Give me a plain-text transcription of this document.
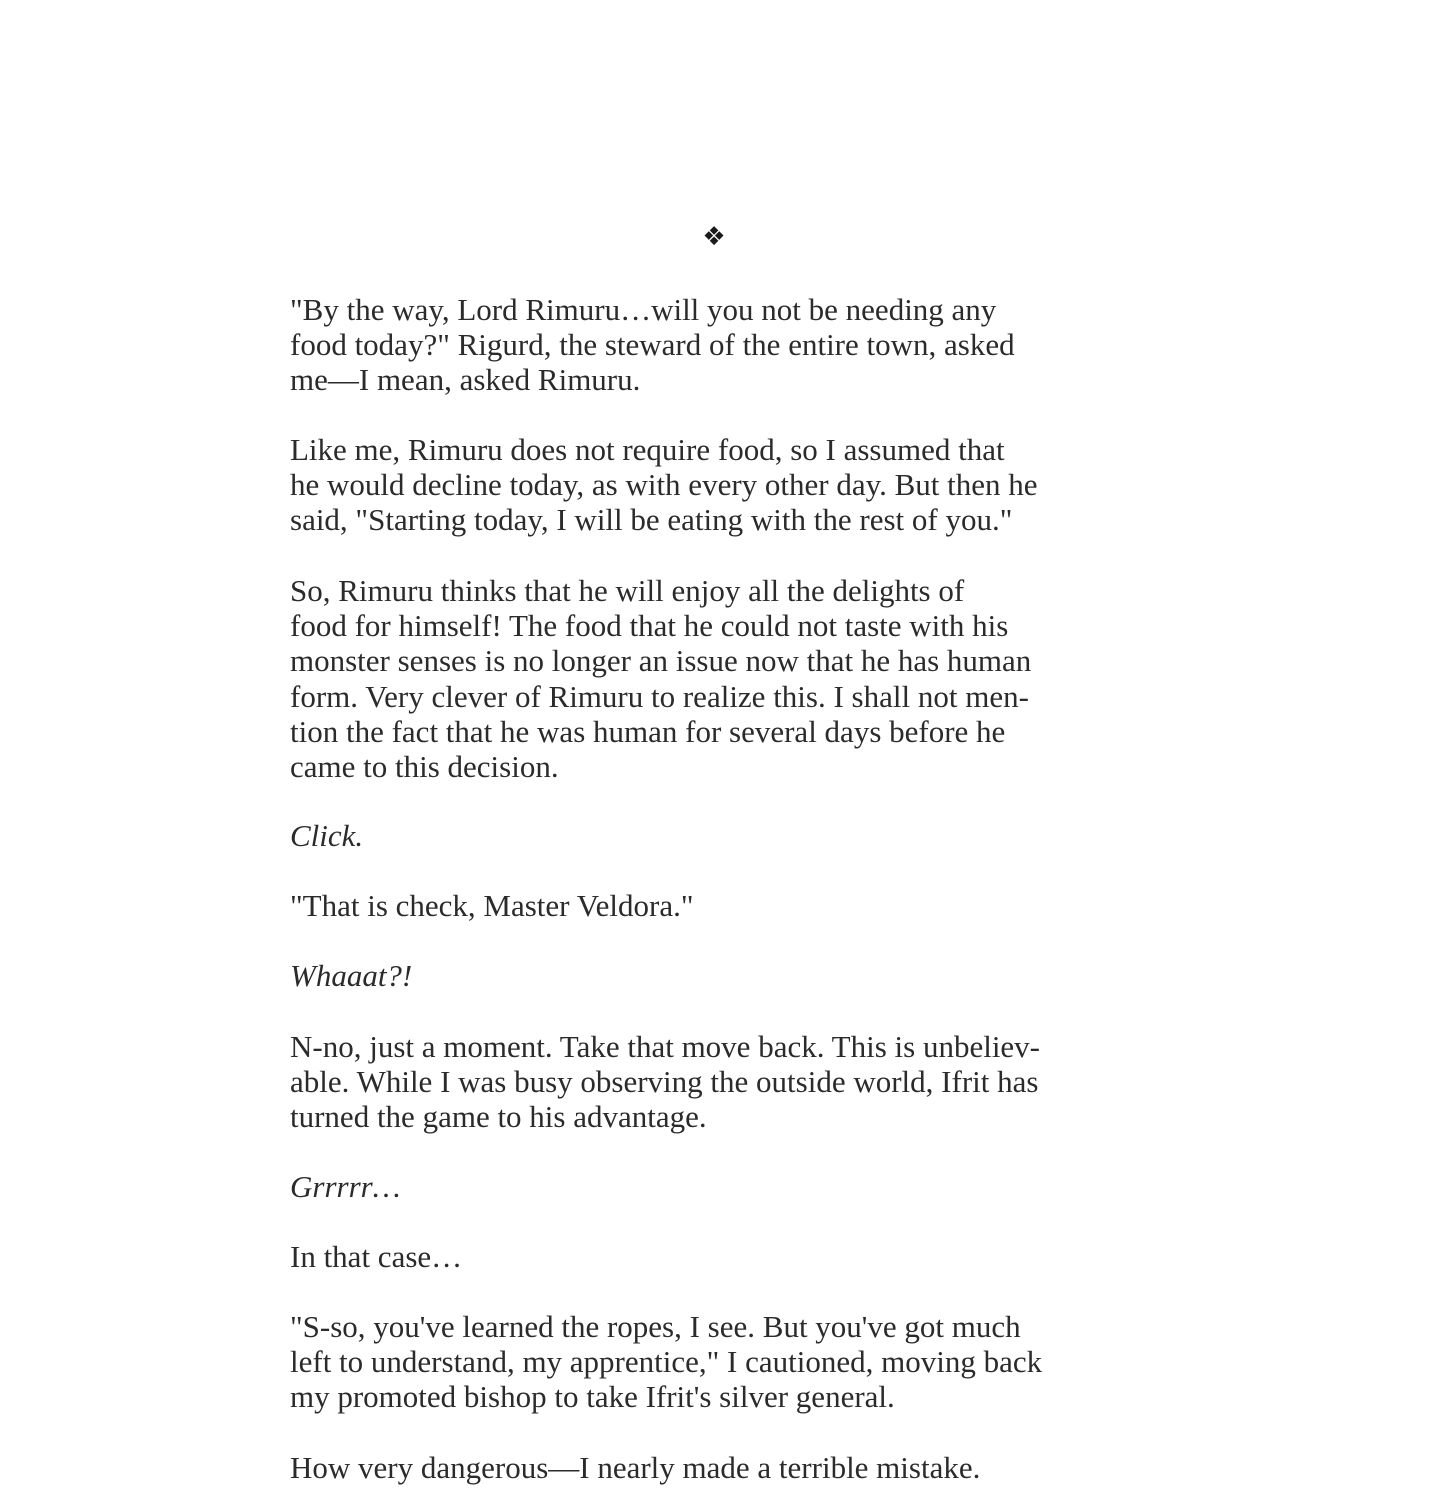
❖

"By the way, Lord Rimuru…will you not be needing any
food today?" Rigurd, the steward of the entire town, asked
me—I mean, asked Rimuru.

Like me, Rimuru does not require food, so I assumed that
he would decline today, as with every other day. But then he
said, "Starting today, I will be eating with the rest of you."

So, Rimuru thinks that he will enjoy all the delights of
food for himself! The food that he could not taste with his
monster senses is no longer an issue now that he has human
form. Very clever of Rimuru to realize this. I shall not men-
tion the fact that he was human for several days before he
came to this decision.

Click.

"That is check, Master Veldora."

Whaaat?!

N-no, just a moment. Take that move back. This is unbeliev-
able. While I was busy observing the outside world, Ifrit has
turned the game to his advantage.

Grrrrr…

In that case…

"S-so, you've learned the ropes, I see. But you've got much
left to understand, my apprentice," I cautioned, moving back
my promoted bishop to take Ifrit's silver general.

How very dangerous—I nearly made a terrible mistake.
